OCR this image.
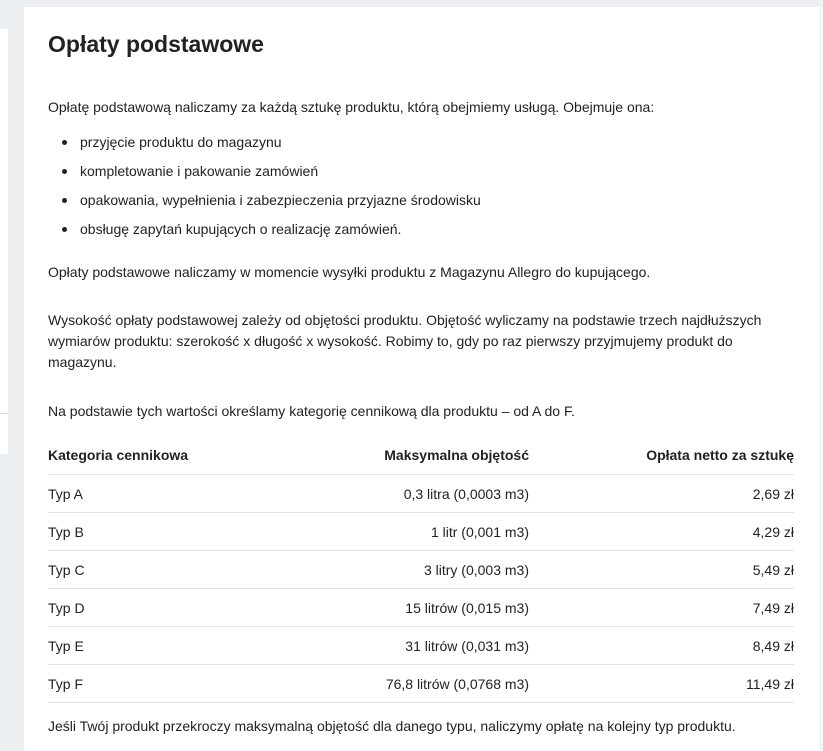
Opłaty podstawowe

Opłatę podstawową naliczamy za każdą sztukę produktu, którą obejmiemy usługą. Obejmuje ona:

przyjęcie produktu do magazynu
kompletowanie i pakowanie zamówień
opakowania, wypełnienia i zabezpieczenia przyjazne środowisku
obsługę zapytań kupujących o realizację zamówień.

Opłaty podstawowe naliczamy w momencie wysyłki produktu z Magazynu Allegro do kupującego.

Wysokość opłaty podstawowej zależy od objętości produktu. Objętość wyliczamy na podstawie trzech najdłuższych wymiarów produktu: szerokość x długość x wysokość. Robimy to, gdy po raz pierwszy przyjmujemy produkt do magazynu.

Na podstawie tych wartości określamy kategorię cennikową dla produktu – od A do F.

Kategoria cennikowa	Maksymalna objętość	Opłata netto za sztukę
Typ A	0,3 litra (0,0003 m3)	2,69 zł
Typ B	1 litr (0,001 m3)	4,29 zł
Typ C	3 litry (0,003 m3)	5,49 zł
Typ D	15 litrów (0,015 m3)	7,49 zł
Typ E	31 litrów (0,031 m3)	8,49 zł
Typ F	76,8 litrów (0,0768 m3)	11,49 zł

Jeśli Twój produkt przekroczy maksymalną objętość dla danego typu, naliczymy opłatę na kolejny typ produktu.
